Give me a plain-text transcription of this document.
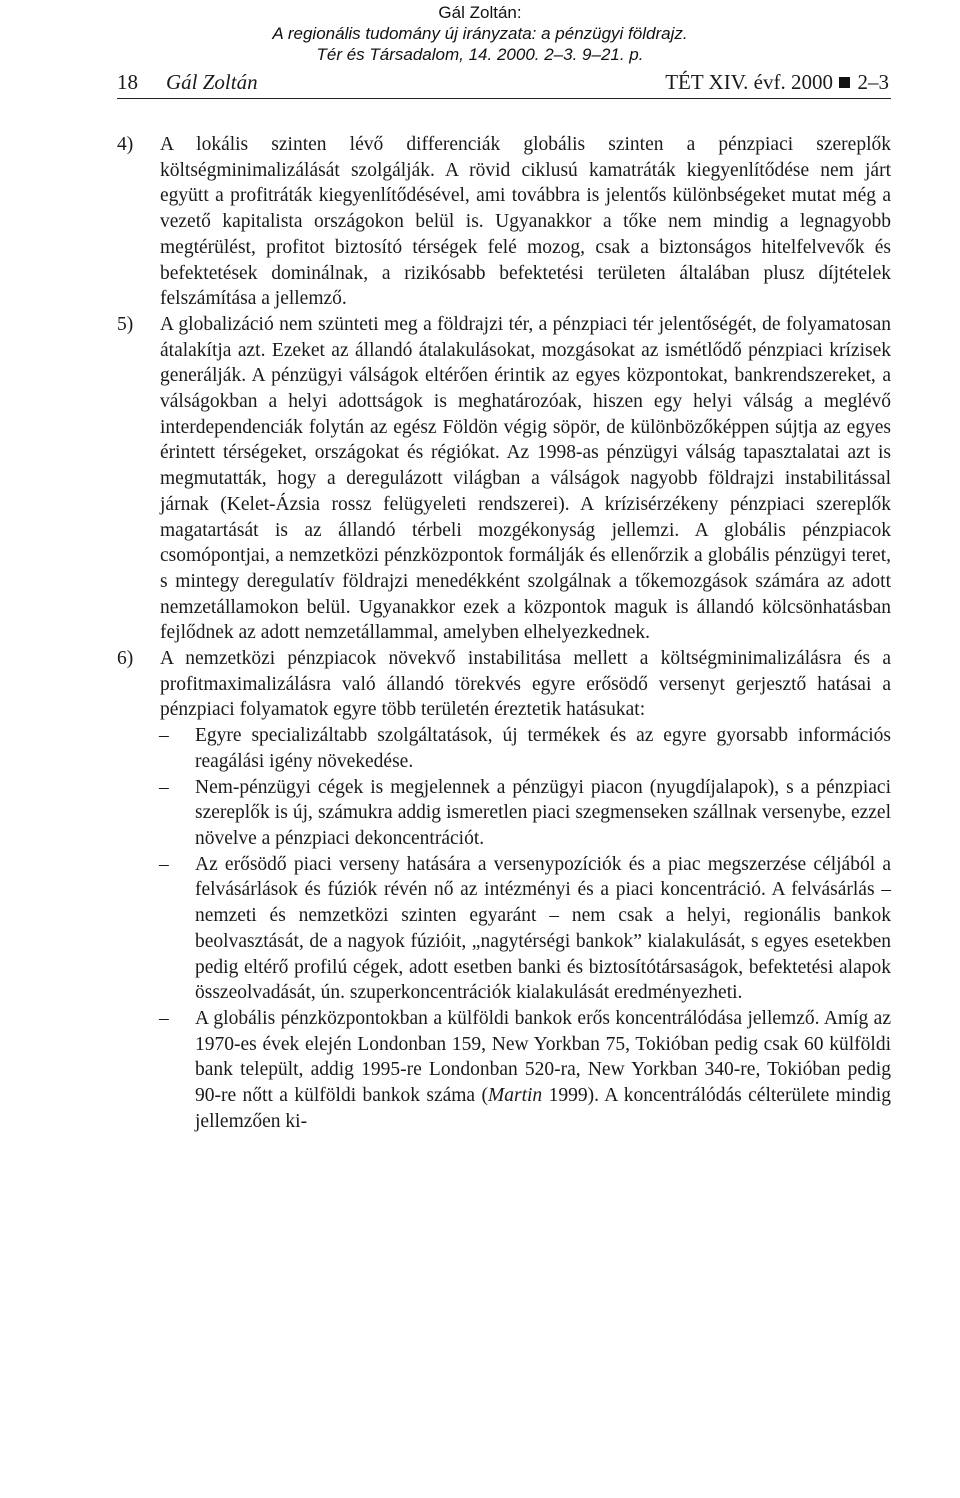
Gál Zoltán:
A regionális tudomány új irányzata: a pénzügyi földrajz.
Tér és Társadalom, 14. 2000. 2–3. 9–21. p.
18 Gál Zoltán	TÉT XIV. évf. 2000 2–3
4) A lokális szinten lévő differenciák globális szinten a pénzpiaci szereplők költségminimalizálását szolgálják. A rövid ciklusú kamatráták kiegyenlítődése nem járt együtt a profitráták kiegyenlítődésével, ami továbbra is jelentős különbségeket mutat még a vezető kapitalista országokon belül is. Ugyanakkor a tőke nem mindig a legnagyobb megtérülést, profitot biztosító térségek felé mozog, csak a biztonságos hitelfelvevők és befektetések dominálnak, a rizikósabb befektetési területen általában plusz díjtételek felszámítása a jellemző.

5) A globalizáció nem szünteti meg a földrajzi tér, a pénzpiaci tér jelentőségét, de folyamatosan átalakítja azt. Ezeket az állandó átalakulásokat, mozgásokat az ismétlődő pénzpiaci krízisek generálják. A pénzügyi válságok eltérően érintik az egyes központokat, bankrendszereket, a válságokban a helyi adottságok is meghatározóak, hiszen egy helyi válság a meglévő interdependenciák folytán az egész Földön végig söpör, de különbözőképpen sújtja az egyes érintett térségeket, országokat és régiókat. Az 1998-as pénzügyi válság tapasztalatai azt is megmutatták, hogy a deregulázott világban a válságok nagyobb földrajzi instabilitással járnak (Kelet-Ázsia rossz felügyeleti rendszerei). A krízisérzékeny pénzpiaci szereplők magatartását is az állandó térbeli mozgékonyság jellemzi. A globális pénzpiacok csomópontjai, a nemzetközi pénzközpontok formálják és ellenőrzik a globális pénzügyi teret, s mintegy deregulatív földrajzi menedékként szolgálnak a tőkemozgások számára az adott nemzetállamokon belül. Ugyanakkor ezek a központok maguk is állandó kölcsönhatásban fejlődnek az adott nemzetállammal, amelyben elhelyezkednek.

6) A nemzetközi pénzpiacok növekvő instabilitása mellett a költségminimalizálásra és a profitmaximalizálásra való állandó törekvés egyre erősödő versenyt gerjesztő hatásai a pénzpiaci folyamatok egyre több területén éreztetik hatásukat:

– Egyre specializáltabb szolgáltatások, új termékek és az egyre gyorsabb információs reagálási igény növekedése.

– Nem-pénzügyi cégek is megjelennek a pénzügyi piacon (nyugdíjalapok), s a pénzpiaci szereplők is új, számukra addig ismeretlen piaci szegmenseken szállnak versenybe, ezzel növelve a pénzpiaci dekoncentrációt.

– Az erősödő piaci verseny hatására a versenypozíciók és a piac megszerzése céljából a felvásárlások és fúziók révén nő az intézményi és a piaci koncentráció. A felvásárlás – nemzeti és nemzetközi szinten egyaránt – nem csak a helyi, regionális bankok beolvasztását, de a nagyok fúzióit, „nagytérségi bankok” kialakulását, s egyes esetekben pedig eltérő profilú cégek, adott esetben banki és biztosítótársaságok, befektetési alapok összeolvadását, ún. szuperkoncentrációk kialakulását eredményezheti.

– A globális pénzközpontokban a külföldi bankok erős koncentrálódása jellemző. Amíg az 1970-es évek elején Londonban 159, New Yorkban 75, Tokióban pedig csak 60 külföldi bank települt, addig 1995-re Londonban 520-ra, New Yorkban 340-re, Tokióban pedig 90-re nőtt a külföldi bankok száma (Martin 1999). A koncentrálódás célterülete mindig jellemzően ki-
